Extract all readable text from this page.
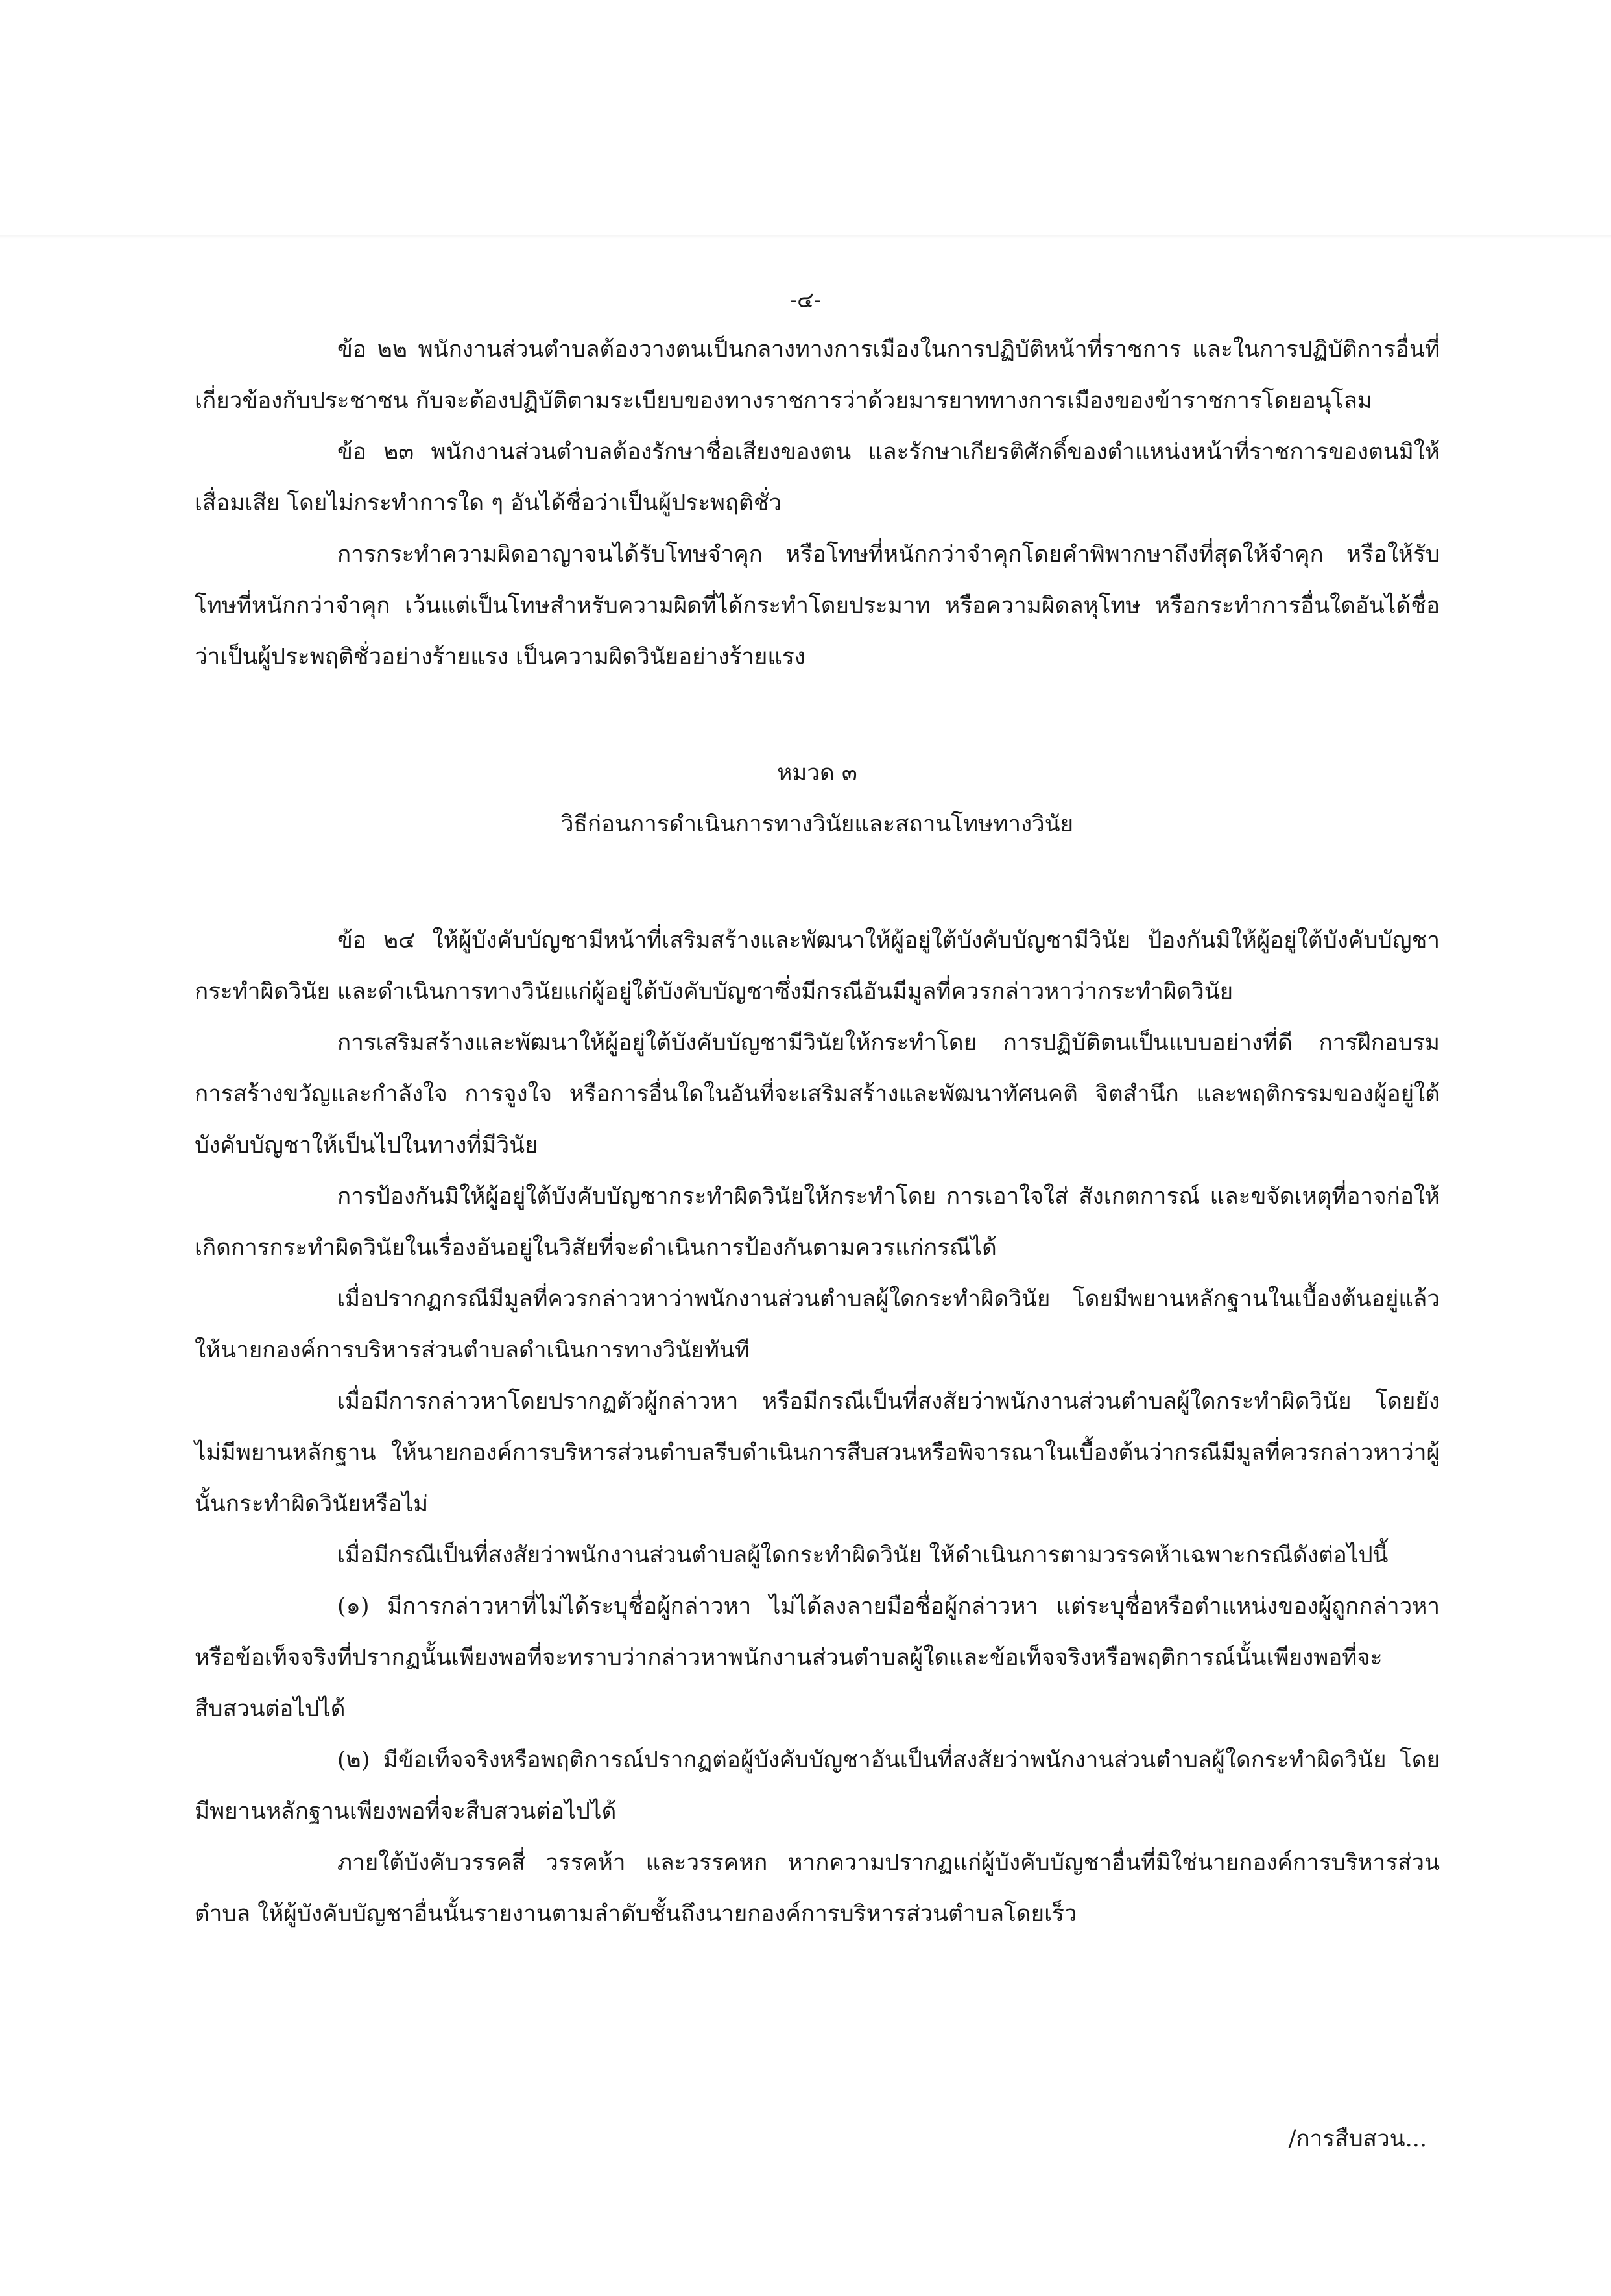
-๔-

ข้อ ๒๒ พนักงานส่วนตำบลต้องวางตนเป็นกลางทางการเมืองในการปฏิบัติหน้าที่ราชการ และในการปฏิบัติการอื่นที่เกี่ยวข้องกับประชาชน กับจะต้องปฏิบัติตามระเบียบของทางราชการว่าด้วยมารยาททางการเมืองของข้าราชการโดยอนุโลม

ข้อ ๒๓ พนักงานส่วนตำบลต้องรักษาชื่อเสียงของตน และรักษาเกียรติศักดิ์ของตำแหน่งหน้าที่ราชการของตนมิให้เสื่อมเสีย โดยไม่กระทำการใด ๆ อันได้ชื่อว่าเป็นผู้ประพฤติชั่ว

การกระทำความผิดอาญาจนได้รับโทษจำคุก หรือโทษที่หนักกว่าจำคุกโดยคำพิพากษาถึงที่สุดให้จำคุก หรือให้รับโทษที่หนักกว่าจำคุก เว้นแต่เป็นโทษสำหรับความผิดที่ได้กระทำโดยประมาท หรือความผิดลหุโทษ หรือกระทำการอื่นใดอันได้ชื่อว่าเป็นผู้ประพฤติชั่วอย่างร้ายแรง เป็นความผิดวินัยอย่างร้ายแรง

หมวด ๓

วิธีก่อนการดำเนินการทางวินัยและสถานโทษทางวินัย

ข้อ ๒๔ ให้ผู้บังคับบัญชามีหน้าที่เสริมสร้างและพัฒนาให้ผู้อยู่ใต้บังคับบัญชามีวินัย ป้องกันมิให้ผู้อยู่ใต้บังคับบัญชากระทำผิดวินัย และดำเนินการทางวินัยแก่ผู้อยู่ใต้บังคับบัญชาซึ่งมีกรณีอันมีมูลที่ควรกล่าวหาว่ากระทำผิดวินัย

การเสริมสร้างและพัฒนาให้ผู้อยู่ใต้บังคับบัญชามีวินัยให้กระทำโดย การปฏิบัติตนเป็นแบบอย่างที่ดี การฝึกอบรม การสร้างขวัญและกำลังใจ การจูงใจ หรือการอื่นใดในอันที่จะเสริมสร้างและพัฒนาทัศนคติ จิตสำนึก และพฤติกรรมของผู้อยู่ใต้บังคับบัญชาให้เป็นไปในทางที่มีวินัย

การป้องกันมิให้ผู้อยู่ใต้บังคับบัญชากระทำผิดวินัยให้กระทำโดย การเอาใจใส่ สังเกตการณ์ และขจัดเหตุที่อาจก่อให้เกิดการกระทำผิดวินัยในเรื่องอันอยู่ในวิสัยที่จะดำเนินการป้องกันตามควรแก่กรณีได้

เมื่อปรากฏกรณีมีมูลที่ควรกล่าวหาว่าพนักงานส่วนตำบลผู้ใดกระทำผิดวินัย โดยมีพยานหลักฐานในเบื้องต้นอยู่แล้ว ให้นายกองค์การบริหารส่วนตำบลดำเนินการทางวินัยทันที

เมื่อมีการกล่าวหาโดยปรากฏตัวผู้กล่าวหา หรือมีกรณีเป็นที่สงสัยว่าพนักงานส่วนตำบลผู้ใดกระทำผิดวินัย โดยยังไม่มีพยานหลักฐาน ให้นายกองค์การบริหารส่วนตำบลรีบดำเนินการสืบสวนหรือพิจารณาในเบื้องต้นว่ากรณีมีมูลที่ควรกล่าวหาว่าผู้นั้นกระทำผิดวินัยหรือไม่

เมื่อมีกรณีเป็นที่สงสัยว่าพนักงานส่วนตำบลผู้ใดกระทำผิดวินัย ให้ดำเนินการตามวรรคห้าเฉพาะกรณีดังต่อไปนี้

(๑) มีการกล่าวหาที่ไม่ได้ระบุชื่อผู้กล่าวหา ไม่ได้ลงลายมือชื่อผู้กล่าวหา แต่ระบุชื่อหรือตำแหน่งของผู้ถูกกล่าวหา หรือข้อเท็จจริงที่ปรากฏนั้นเพียงพอที่จะทราบว่ากล่าวหาพนักงานส่วนตำบลผู้ใดและข้อเท็จจริงหรือพฤติการณ์นั้นเพียงพอที่จะสืบสวนต่อไปได้

(๒) มีข้อเท็จจริงหรือพฤติการณ์ปรากฏต่อผู้บังคับบัญชาอันเป็นที่สงสัยว่าพนักงานส่วนตำบลผู้ใดกระทำผิดวินัย โดยมีพยานหลักฐานเพียงพอที่จะสืบสวนต่อไปได้

ภายใต้บังคับวรรคสี่ วรรคห้า และวรรคหก หากความปรากฏแก่ผู้บังคับบัญชาอื่นที่มิใช่นายกองค์การบริหารส่วนตำบล ให้ผู้บังคับบัญชาอื่นนั้นรายงานตามลำดับชั้นถึงนายกองค์การบริหารส่วนตำบลโดยเร็ว

/การสืบสวน...
